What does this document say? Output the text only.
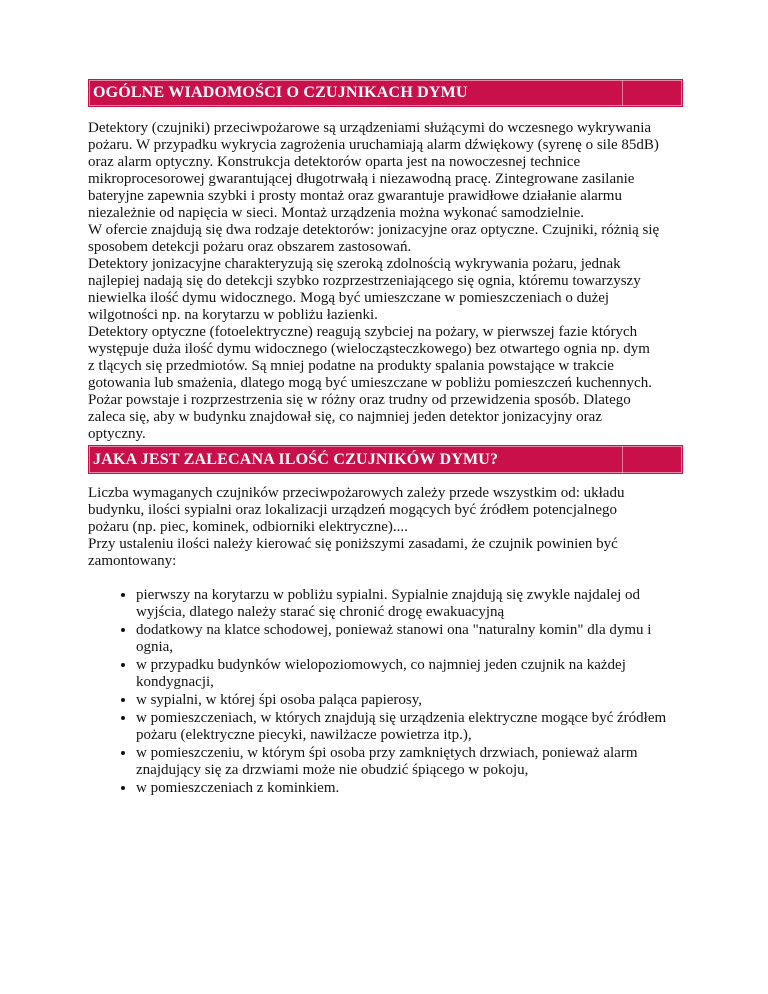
OGÓLNE WIADOMOŚCI O CZUJNIKACH DYMU
Detektory (czujniki) przeciwpożarowe są urządzeniami służącymi do wczesnego wykrywania
pożaru. W przypadku wykrycia zagrożenia uruchamiają alarm dźwiękowy (syrenę o sile 85dB)
oraz alarm optyczny. Konstrukcja detektorów oparta jest na nowoczesnej technice
mikroprocesorowej gwarantującej długotrwałą i niezawodną pracę. Zintegrowane zasilanie
bateryjne zapewnia szybki i prosty montaż oraz gwarantuje prawidłowe działanie alarmu
niezależnie od napięcia w sieci. Montaż urządzenia można wykonać samodzielnie.
W ofercie znajdują się dwa rodzaje detektorów: jonizacyjne oraz optyczne. Czujniki, różnią się
sposobem detekcji pożaru oraz obszarem zastosowań.
Detektory jonizacyjne charakteryzują się szeroką zdolnością wykrywania pożaru, jednak
najlepiej nadają się do detekcji szybko rozprzestrzeniającego się ognia, któremu towarzyszy
niewielka ilość dymu widocznego. Mogą być umieszczane w pomieszczeniach o dużej
wilgotności np. na korytarzu w pobliżu łazienki.
Detektory optyczne (fotoelektryczne) reagują szybciej na pożary, w pierwszej fazie których
występuje duża ilość dymu widocznego (wielocząsteczkowego) bez otwartego ognia np. dym
z tlących się przedmiotów. Są mniej podatne na produkty spalania powstające w trakcie
gotowania lub smażenia, dlatego mogą być umieszczane w pobliżu pomieszczeń kuchennych.
Pożar powstaje i rozprzestrzenia się w różny oraz trudny od przewidzenia sposób. Dlatego
zaleca się, aby w budynku znajdował się, co najmniej jeden detektor jonizacyjny oraz
optyczny.
JAKA JEST ZALECANA ILOŚĆ CZUJNIKÓW DYMU?
Liczba wymaganych czujników przeciwpożarowych zależy przede wszystkim od: układu
budynku, ilości sypialni oraz lokalizacji urządzeń mogących być źródłem potencjalnego
pożaru (np. piec, kominek, odbiorniki elektryczne)....
Przy ustaleniu ilości należy kierować się poniższymi zasadami, że czujnik powinien być
zamontowany:
• pierwszy na korytarzu w pobliżu sypialni. Sypialnie znajdują się zwykle najdalej od wyjścia, dlatego należy starać się chronić drogę ewakuacyjną
• dodatkowy na klatce schodowej, ponieważ stanowi ona "naturalny komin" dla dymu i ognia,
• w przypadku budynków wielopoziomowych, co najmniej jeden czujnik na każdej kondygnacji,
• w sypialni, w której śpi osoba paląca papierosy,
• w pomieszczeniach, w których znajdują się urządzenia elektryczne mogące być źródłem pożaru (elektryczne piecyki, nawilżacze powietrza itp.),
• w pomieszczeniu, w którym śpi osoba przy zamkniętych drzwiach, ponieważ alarm znajdujący się za drzwiami może nie obudzić śpiącego w pokoju,
• w pomieszczeniach z kominkiem.
